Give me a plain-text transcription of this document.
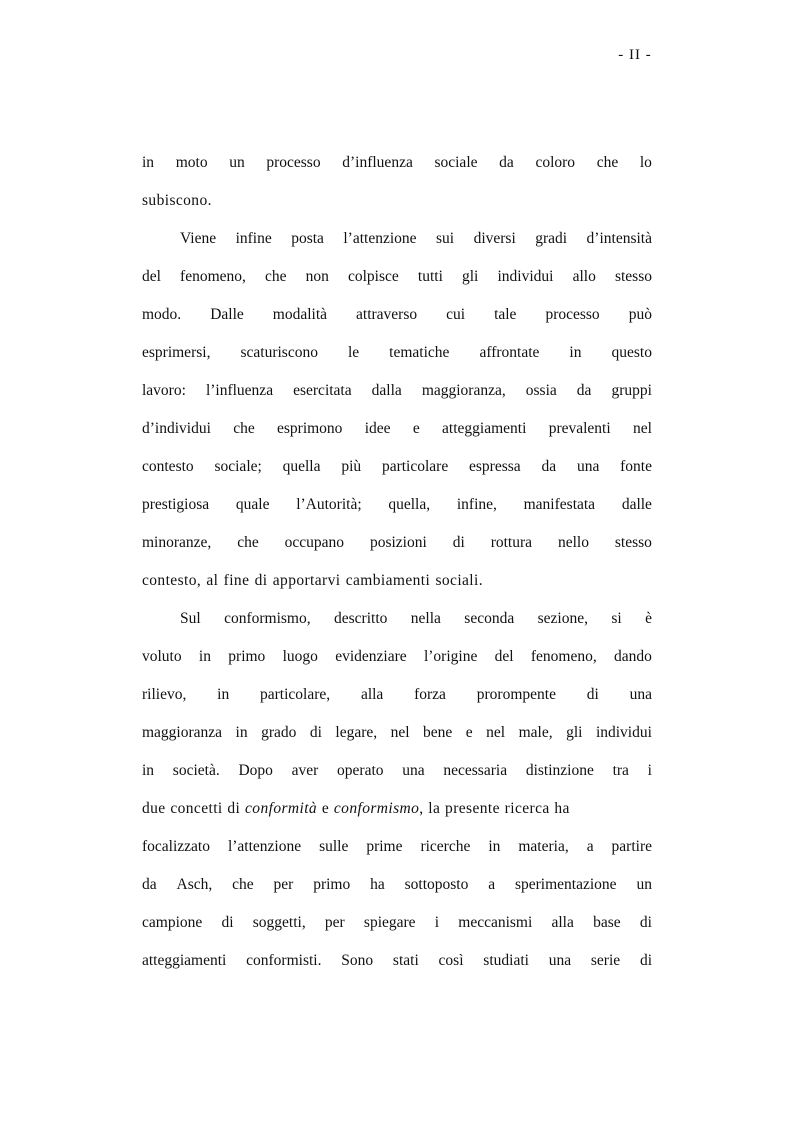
- II -
in moto un processo d’influenza sociale da coloro che lo
subiscono.
Viene infine posta l’attenzione sui diversi gradi d’intensità
del fenomeno, che non colpisce tutti gli individui allo stesso
modo. Dalle modalità attraverso cui tale processo può
esprimersi, scaturiscono le tematiche affrontate in questo
lavoro: l’influenza esercitata dalla maggioranza, ossia da gruppi
d’individui che esprimono idee e atteggiamenti prevalenti nel
contesto sociale; quella più particolare espressa da una fonte
prestigiosa quale l’Autorità; quella, infine, manifestata dalle
minoranze, che occupano posizioni di rottura nello stesso
contesto, al fine di apportarvi cambiamenti sociali.
Sul conformismo, descritto nella seconda sezione, si è
voluto in primo luogo evidenziare l’origine del fenomeno, dando
rilievo, in particolare, alla forza prorompente di una
maggioranza in grado di legare, nel bene e nel male, gli individui
in società. Dopo aver operato una necessaria distinzione tra i
due concetti di conformità e conformismo, la presente ricerca ha
focalizzato l’attenzione sulle prime ricerche in materia, a partire
da Asch, che per primo ha sottoposto a sperimentazione un
campione di soggetti, per spiegare i meccanismi alla base di
atteggiamenti conformisti. Sono stati così studiati una serie di
